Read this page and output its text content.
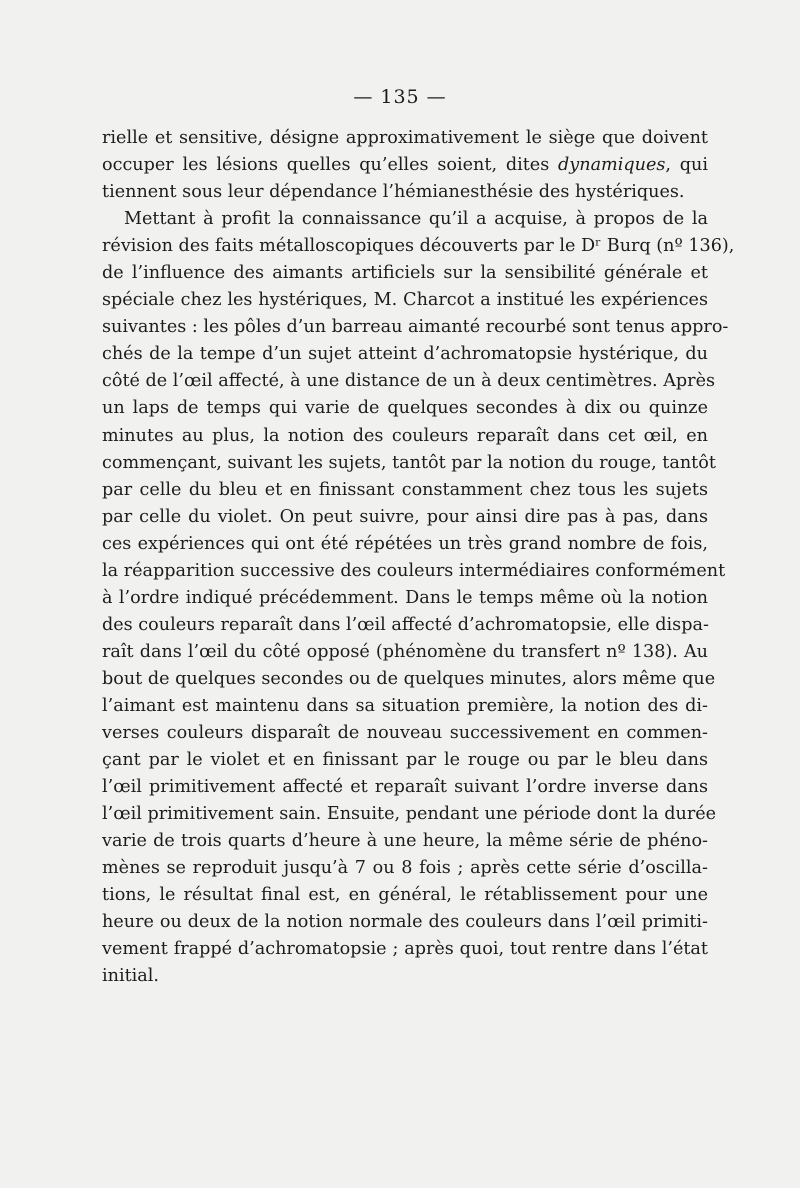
— 135 —

rielle et sensitive, désigne approximativement le siège que doivent
occuper les lésions quelles qu’elles soient, dites dynamiques, qui
tiennent sous leur dépendance l’hémianesthésie des hystériques.

Mettant à profit la connaissance qu’il a acquise, à propos de la
révision des faits métalloscopiques découverts par le Dʳ Burq (nº 136),
de l’influence des aimants artificiels sur la sensibilité générale et
spéciale chez les hystériques, M. Charcot a institué les expériences
suivantes : les pôles d’un barreau aimanté recourbé sont tenus appro-
chés de la tempe d’un sujet atteint d’achromatopsie hystérique, du
côté de l’œil affecté, à une distance de un à deux centimètres. Après
un laps de temps qui varie de quelques secondes à dix ou quinze
minutes au plus, la notion des couleurs reparaît dans cet œil, en
commençant, suivant les sujets, tantôt par la notion du rouge, tantôt
par celle du bleu et en finissant constamment chez tous les sujets
par celle du violet. On peut suivre, pour ainsi dire pas à pas, dans
ces expériences qui ont été répétées un très grand nombre de fois,
la réapparition successive des couleurs intermédiaires conformément
à l’ordre indiqué précédemment. Dans le temps même où la notion
des couleurs reparaît dans l’œil affecté d’achromatopsie, elle dispa-
raît dans l’œil du côté opposé (phénomène du transfert nº 138). Au
bout de quelques secondes ou de quelques minutes, alors même que
l’aimant est maintenu dans sa situation première, la notion des di-
verses couleurs disparaît de nouveau successivement en commen-
çant par le violet et en finissant par le rouge ou par le bleu dans
l’œil primitivement affecté et reparaît suivant l’ordre inverse dans
l’œil primitivement sain. Ensuite, pendant une période dont la durée
varie de trois quarts d’heure à une heure, la même série de phéno-
mènes se reproduit jusqu’à 7 ou 8 fois ; après cette série d’oscilla-
tions, le résultat final est, en général, le rétablissement pour une
heure ou deux de la notion normale des couleurs dans l’œil primiti-
vement frappé d’achromatopsie ; après quoi, tout rentre dans l’état
initial.
